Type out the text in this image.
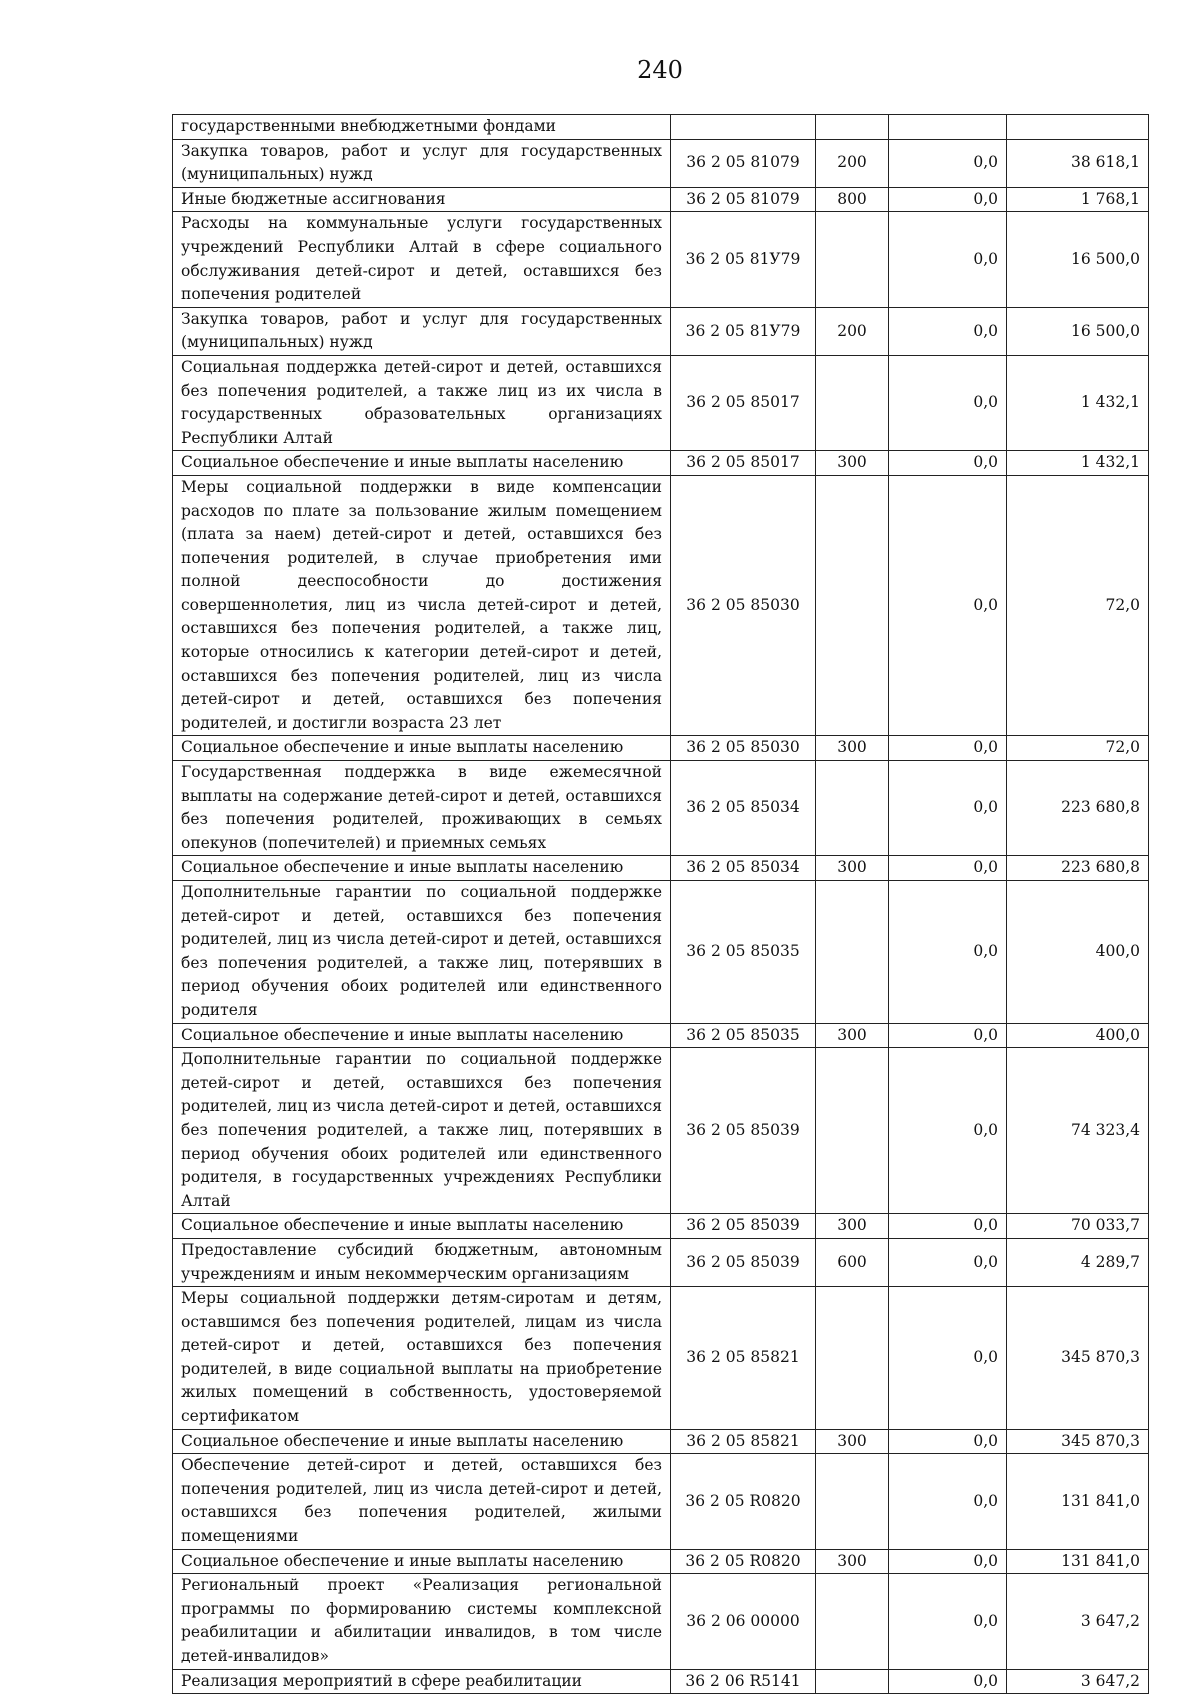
240
государственными внебюджетными фондами				
Закупка товаров, работ и услуг для государственных (муниципальных) нужд	36 2 05 81079	200	0,0	38 618,1
Иные бюджетные ассигнования	36 2 05 81079	800	0,0	1 768,1
Расходы на коммунальные услуги государственных учреждений Республики Алтай в сфере социального обслуживания детей-сирот и детей, оставшихся без попечения родителей	36 2 05 81У79		0,0	16 500,0
Закупка товаров, работ и услуг для государственных (муниципальных) нужд	36 2 05 81У79	200	0,0	16 500,0
Социальная поддержка детей-сирот и детей, оставшихся без попечения родителей, а также лиц из их числа в государственных образовательных организациях Республики Алтай	36 2 05 85017		0,0	1 432,1
Социальное обеспечение и иные выплаты населению	36 2 05 85017	300	0,0	1 432,1
Меры социальной поддержки в виде компенсации расходов по плате за пользование жилым помещением (плата за наем) детей-сирот и детей, оставшихся без попечения родителей, в случае приобретения ими полной дееспособности до достижения совершеннолетия, лиц из числа детей-сирот и детей, оставшихся без попечения родителей, а также лиц, которые относились к категории детей-сирот и детей, оставшихся без попечения родителей, лиц из числа детей-сирот и детей, оставшихся без попечения родителей, и достигли возраста 23 лет	36 2 05 85030		0,0	72,0
Социальное обеспечение и иные выплаты населению	36 2 05 85030	300	0,0	72,0
Государственная поддержка в виде ежемесячной выплаты на содержание детей-сирот и детей, оставшихся без попечения родителей, проживающих в семьях опекунов (попечителей) и приемных семьях	36 2 05 85034		0,0	223 680,8
Социальное обеспечение и иные выплаты населению	36 2 05 85034	300	0,0	223 680,8
Дополнительные гарантии по социальной поддержке детей-сирот и детей, оставшихся без попечения родителей, лиц из числа детей-сирот и детей, оставшихся без попечения родителей, а также лиц, потерявших в период обучения обоих родителей или единственного родителя	36 2 05 85035		0,0	400,0
Социальное обеспечение и иные выплаты населению	36 2 05 85035	300	0,0	400,0
Дополнительные гарантии по социальной поддержке детей-сирот и детей, оставшихся без попечения родителей, лиц из числа детей-сирот и детей, оставшихся без попечения родителей, а также лиц, потерявших в период обучения обоих родителей или единственного родителя, в государственных учреждениях Республики Алтай	36 2 05 85039		0,0	74 323,4
Социальное обеспечение и иные выплаты населению	36 2 05 85039	300	0,0	70 033,7
Предоставление субсидий бюджетным, автономным учреждениям и иным некоммерческим организациям	36 2 05 85039	600	0,0	4 289,7
Меры социальной поддержки детям-сиротам и детям, оставшимся без попечения родителей, лицам из числа детей-сирот и детей, оставшихся без попечения родителей, в виде социальной выплаты на приобретение жилых помещений в собственность, удостоверяемой сертификатом	36 2 05 85821		0,0	345 870,3
Социальное обеспечение и иные выплаты населению	36 2 05 85821	300	0,0	345 870,3
Обеспечение детей-сирот и детей, оставшихся без попечения родителей, лиц из числа детей-сирот и детей, оставшихся без попечения родителей, жилыми помещениями	36 2 05 R0820		0,0	131 841,0
Социальное обеспечение и иные выплаты населению	36 2 05 R0820	300	0,0	131 841,0
Региональный проект «Реализация региональной программы по формированию системы комплексной реабилитации и абилитации инвалидов, в том числе детей-инвалидов»	36 2 06 00000		0,0	3 647,2
Реализация мероприятий в сфере реабилитации	36 2 06 R5141		0,0	3 647,2
